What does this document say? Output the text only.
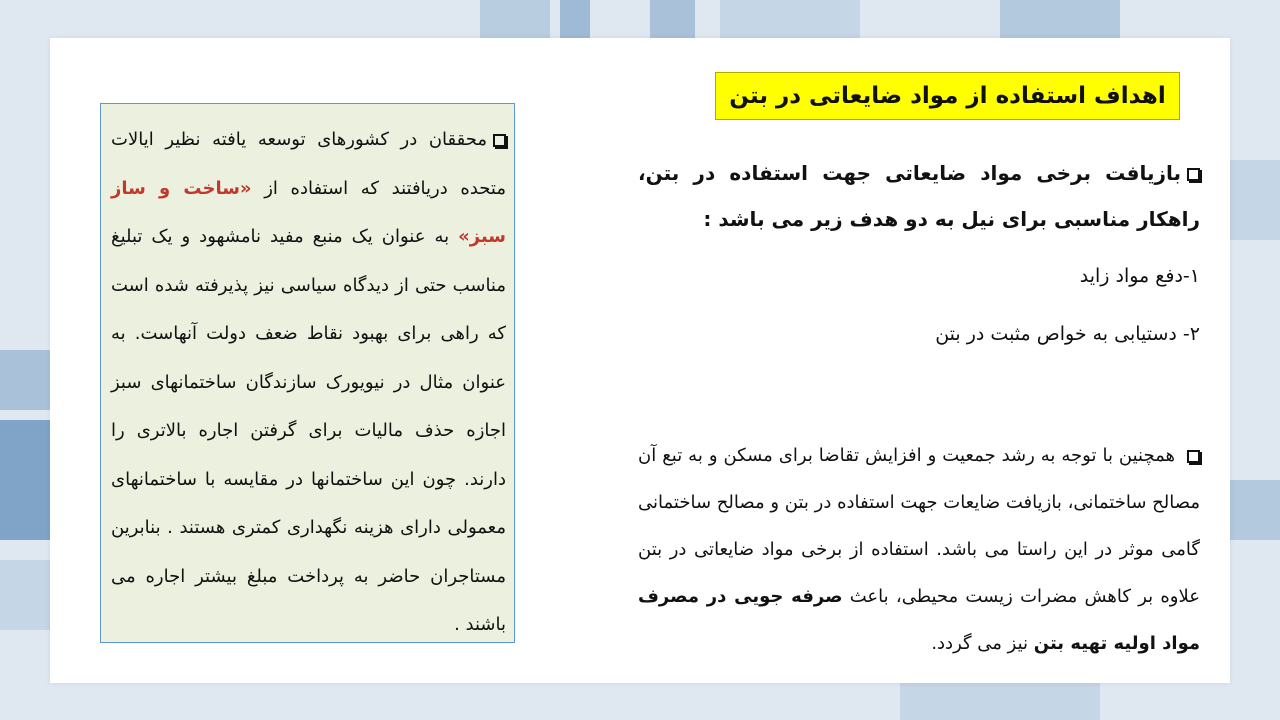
اهداف استفاده از مواد ضایعاتی در بتن
بازیافت برخی مواد ضایعاتی جهت استفاده در بتن، راهکار مناسبی برای نیل به دو هدف زیر می باشد :
۱-دفع مواد زاید
۲- دستیابی به خواص مثبت در بتن
همچنین با توجه به رشد جمعیت و افزایش تقاضا برای مسکن و به تبع آن مصالح ساختمانی، بازیافت ضایعات جهت استفاده در بتن و مصالح ساختمانی گامی موثر در این راستا می باشد. استفاده از برخی مواد ضایعاتی در بتن علاوه بر کاهش مضرات زیست محیطی، باعث صرفه جویی در مصرف مواد اولیه تهیه بتن نیز می گردد.
محققان در کشورهای توسعه یافته نظیر ایالات متحده دریافتند که استفاده از «ساخت و ساز سبز» به عنوان یک منبع مفید نامشهود و یک تبلیغ مناسب حتی از دیدگاه سیاسی نیز پذیرفته شده است که راهی برای بهبود نقاط ضعف دولت آنهاست. به عنوان مثال در نیویورک سازندگان ساختمانهای سبز اجازه حذف مالیات برای گرفتن اجاره بالاتری را دارند. چون این ساختمانها در مقایسه با ساختمانهای معمولی دارای هزینه نگهداری کمتری هستند . بنابرین مستاجران حاضر به پرداخت مبلغ بیشتر اجاره می باشند .
